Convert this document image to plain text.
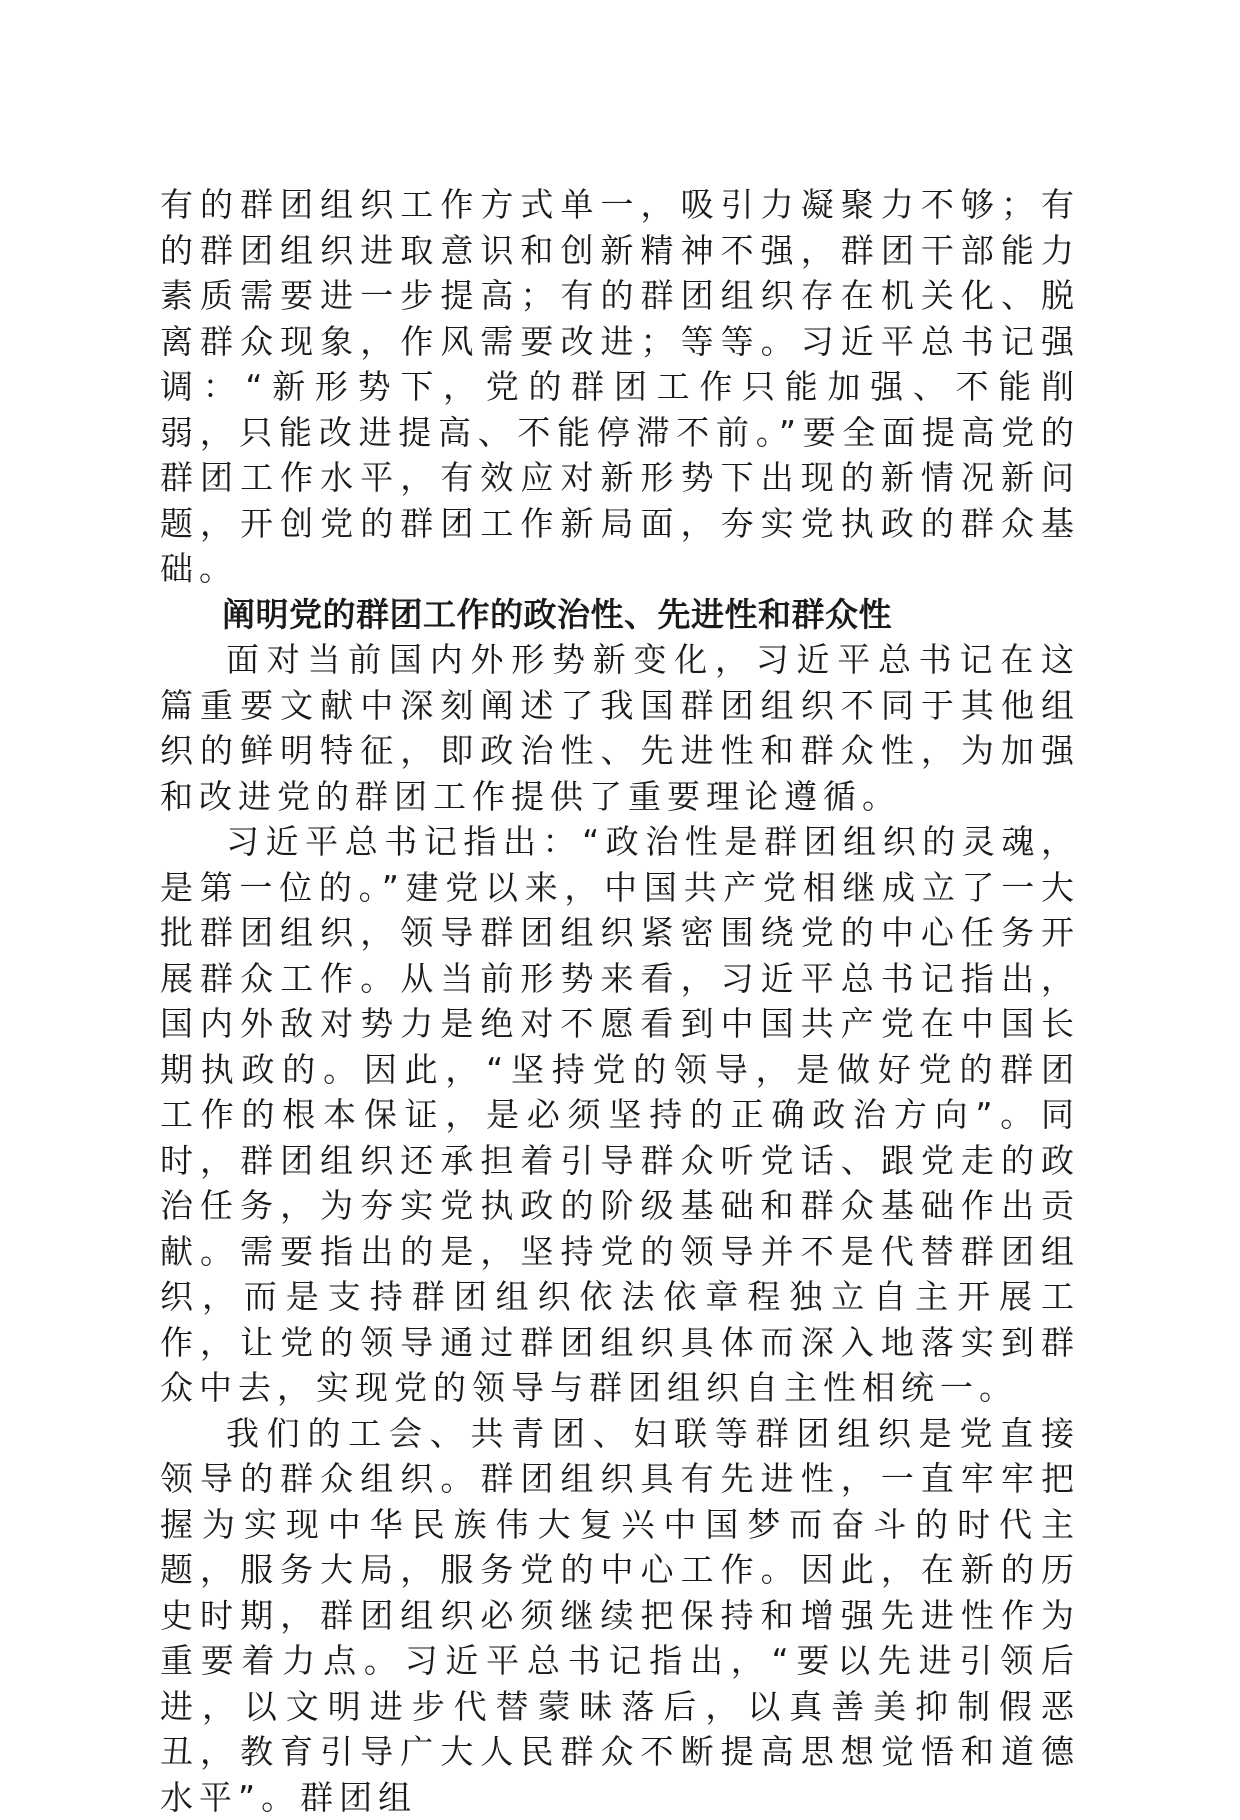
有的群团组织工作方式单一，吸引力凝聚力不够；有的群团组织进取意识和创新精神不强，群团干部能力素质需要进一步提高；有的群团组织存在机关化、脱离群众现象，作风需要改进；等等。习近平总书记强调：“新形势下，党的群团工作只能加强、不能削弱，只能改进提高、不能停滞不前。”要全面提高党的群团工作水平，有效应对新形势下出现的新情况新问题，开创党的群团工作新局面，夯实党执政的群众基础。

阐明党的群团工作的政治性、先进性和群众性

面对当前国内外形势新变化，习近平总书记在这篇重要文献中深刻阐述了我国群团组织不同于其他组织的鲜明特征，即政治性、先进性和群众性，为加强和改进党的群团工作提供了重要理论遵循。

习近平总书记指出：“政治性是群团组织的灵魂，是第一位的。”建党以来，中国共产党相继成立了一大批群团组织，领导群团组织紧密围绕党的中心任务开展群众工作。从当前形势来看，习近平总书记指出，国内外敌对势力是绝对不愿看到中国共产党在中国长期执政的。因此，“坚持党的领导，是做好党的群团工作的根本保证，是必须坚持的正确政治方向”。同时，群团组织还承担着引导群众听党话、跟党走的政治任务，为夯实党执政的阶级基础和群众基础作出贡献。需要指出的是，坚持党的领导并不是代替群团组织，而是支持群团组织依法依章程独立自主开展工作，让党的领导通过群团组织具体而深入地落实到群众中去，实现党的领导与群团组织自主性相统一。

我们的工会、共青团、妇联等群团组织是党直接领导的群众组织。群团组织具有先进性，一直牢牢把握为实现中华民族伟大复兴中国梦而奋斗的时代主题，服务大局，服务党的中心工作。因此，在新的历史时期，群团组织必须继续把保持和增强先进性作为重要着力点。习近平总书记指出，“要以先进引领后进，以文明进步代替蒙昧落后，以真善美抑制假恶丑，教育引导广大人民群众不断提高思想觉悟和道德水平”。群团组
